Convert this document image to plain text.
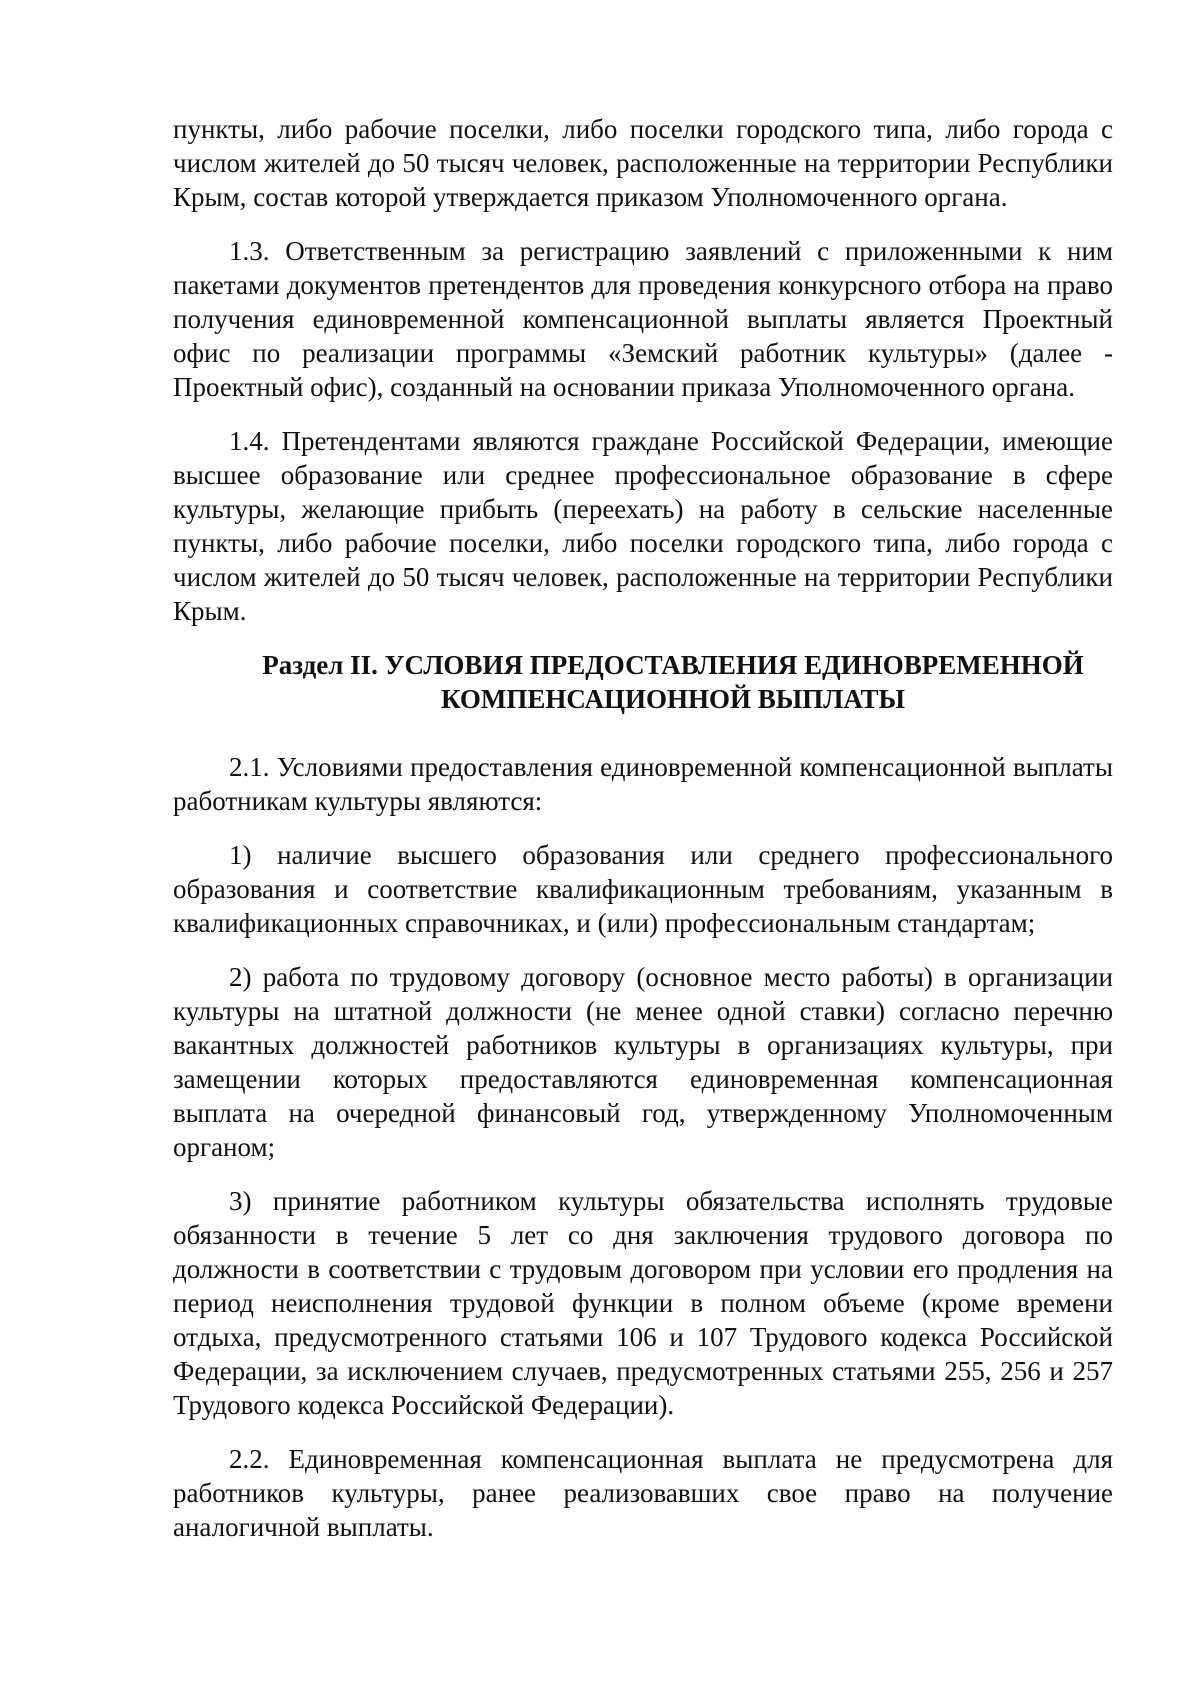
пункты, либо рабочие поселки, либо поселки городского типа, либо города с числом жителей до 50 тысяч человек, расположенные на территории Республики Крым, состав которой утверждается приказом Уполномоченного органа.

1.3. Ответственным за регистрацию заявлений с приложенными к ним пакетами документов претендентов для проведения конкурсного отбора на право получения единовременной компенсационной выплаты является Проектный офис по реализации программы «Земский работник культуры» (далее - Проектный офис), созданный на основании приказа Уполномоченного органа.

1.4. Претендентами являются граждане Российской Федерации, имеющие высшее образование или среднее профессиональное образование в сфере культуры, желающие прибыть (переехать) на работу в сельские населенные пункты, либо рабочие поселки, либо поселки городского типа, либо города с числом жителей до 50 тысяч человек, расположенные на территории Республики Крым.

Раздел II. УСЛОВИЯ ПРЕДОСТАВЛЕНИЯ ЕДИНОВРЕМЕННОЙ
КОМПЕНСАЦИОННОЙ ВЫПЛАТЫ

2.1. Условиями предоставления единовременной компенсационной выплаты работникам культуры являются:

1) наличие высшего образования или среднего профессионального образования и соответствие квалификационным требованиям, указанным в квалификационных справочниках, и (или) профессиональным стандартам;

2) работа по трудовому договору (основное место работы) в организации культуры на штатной должности (не менее одной ставки) согласно перечню вакантных должностей работников культуры в организациях культуры, при замещении которых предоставляются единовременная компенсационная выплата на очередной финансовый год, утвержденному Уполномоченным органом;

3) принятие работником культуры обязательства исполнять трудовые обязанности в течение 5 лет со дня заключения трудового договора по должности в соответствии с трудовым договором при условии его продления на период неисполнения трудовой функции в полном объеме (кроме времени отдыха, предусмотренного статьями 106 и 107 Трудового кодекса Российской Федерации, за исключением случаев, предусмотренных статьями 255, 256 и 257 Трудового кодекса Российской Федерации).

2.2. Единовременная компенсационная выплата не предусмотрена для работников культуры, ранее реализовавших свое право на получение аналогичной выплаты.
